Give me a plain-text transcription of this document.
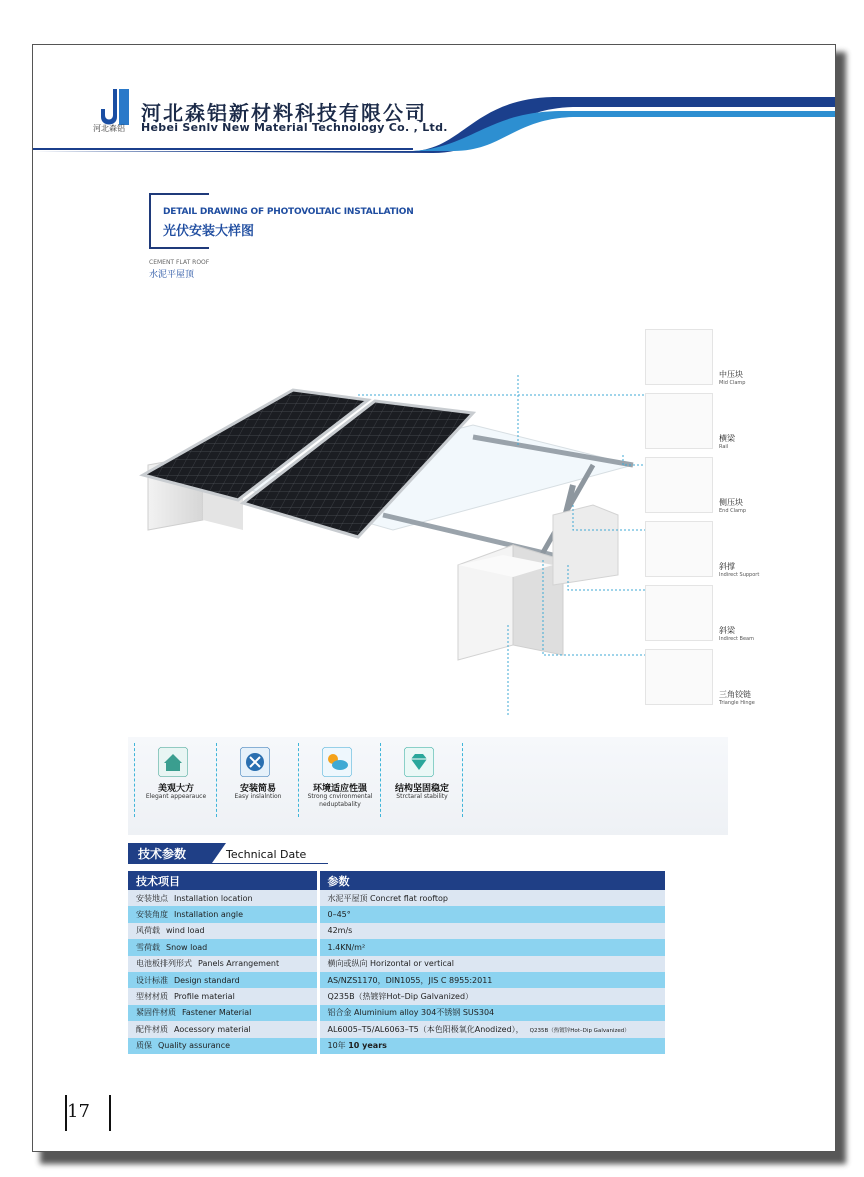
河北森铝
河北森铝新材料科技有限公司
Hebei Senlv New Material Technology Co. , Ltd.
DETAIL DRAWING OF PHOTOVOLTAIC INSTALLATION
光伏安装大样图
CEMENT FLAT ROOF
水泥平屋顶
中压块
Mid Clamp
横梁
Rail
侧压块
End Clamp
斜撑
Indirect Support
斜梁
Indirect Beam
三角铰链
Triangle Hinge
美观大方
Elegant appearauce
安装简易
Easy inslalntion
环境适应性强
Strong cnvironmental neduptabality
结构坚固稳定
Strctaral stability
技术参数	Technical Date
技术项目	参数
安装地点 Installation location	水泥平屋顶 Concret flat rooftop
安装角度 Installation angle	0–45°
风荷载 wind load	42m/s
雪荷载 Snow load	1.4KN/m²
电池板排列形式 Panels Arrangement	横向或纵向 Horizontal or vertical
设计标准 Design standard	AS/NZS1170，DIN1055，JIS C 8955:2011
型材材质 Profile material	Q235B（热镀锌Hot–Dip Galvanized）
紧固件材质 Fastener Material	铝合金 Aluminium alloy 304不锈钢 SUS304
配件材质 Aocessory material	AL6005–T5/AL6063–T5（本色阳极氧化Anodized）， Q235B（热镀锌Hot–Dip Galvanized）
质保 Quality assurance	10年 10 years
17
